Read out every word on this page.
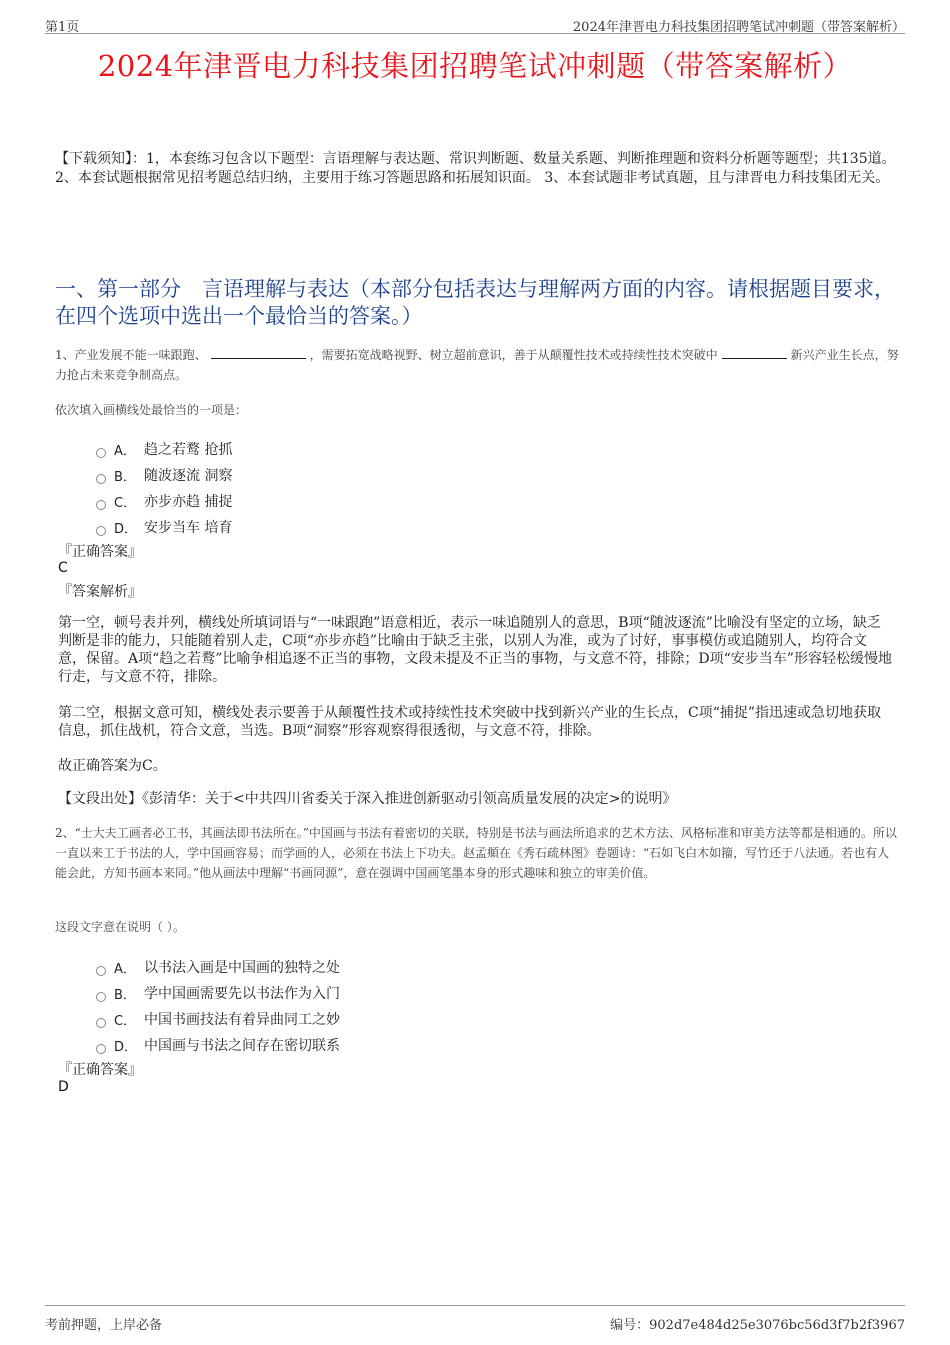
第1页	2024年津晋电力科技集团招聘笔试冲刺题（带答案解析）
2024年津晋电力科技集团招聘笔试冲刺题（带答案解析）

【下载须知】：1，本套练习包含以下题型：言语理解与表达题、常识判断题、数量关系题、判断推理题和资料分析题等题型；共135道。 2、本套试题根据常见招考题总结归纳，主要用于练习答题思路和拓展知识面。 3、本套试题非考试真题，且与津晋电力科技集团无关。

一、第一部分　言语理解与表达（本部分包括表达与理解两方面的内容。请根据题目要求，在四个选项中选出一个最恰当的答案。）

1、产业发展不能一味跟跑、	，需要拓宽战略视野、树立超前意识，善于从颠覆性技术或持续性技术突破中	新兴产业生长点，努力抢占未来竞争制高点。

依次填入画横线处最恰当的一项是：

A． 趋之若鹜 抢抓
B． 随波逐流 洞察
C． 亦步亦趋 捕捉
D． 安步当车 培育
『正确答案』
C
『答案解析』

第一空，顿号表并列，横线处所填词语与“一味跟跑”语意相近，表示一味追随别人的意思，B项“随波逐流”比喻没有坚定的立场，缺乏判断是非的能力，只能随着别人走，C项“亦步亦趋”比喻由于缺乏主张，以别人为准，或为了讨好，事事模仿或追随别人，均符合文意，保留。A项“趋之若鹜”比喻争相追逐不正当的事物，文段未提及不正当的事物，与文意不符，排除；D项“安步当车”形容轻松缓慢地行走，与文意不符，排除。

第二空，根据文意可知，横线处表示要善于从颠覆性技术或持续性技术突破中找到新兴产业的生长点，C项“捕捉”指迅速或急切地获取信息，抓住战机，符合文意，当选。B项“洞察”形容观察得很透彻，与文意不符，排除。

故正确答案为C。

【文段出处】《彭清华：关于<中共四川省委关于深入推进创新驱动引领高质量发展的决定>的说明》

2、“士大夫工画者必工书，其画法即书法所在。”中国画与书法有着密切的关联，特别是书法与画法所追求的艺术方法、风格标准和审美方法等都是相通的。所以一直以来工于书法的人，学中国画容易；而学画的人，必须在书法上下功夫。赵孟頫在《秀石疏林图》卷题诗：“石如飞白木如籀，写竹还于八法通。若也有人能会此，方知书画本来同。”他从画法中理解“书画同源”，意在强调中国画笔墨本身的形式趣味和独立的审美价值。

这段文字意在说明（ ）。

A． 以书法入画是中国画的独特之处
B． 学中国画需要先以书法作为入门
C． 中国书画技法有着异曲同工之妙
D． 中国画与书法之间存在密切联系
『正确答案』
D
考前押题，上岸必备	编号：902d7e484d25e3076bc56d3f7b2f3967
